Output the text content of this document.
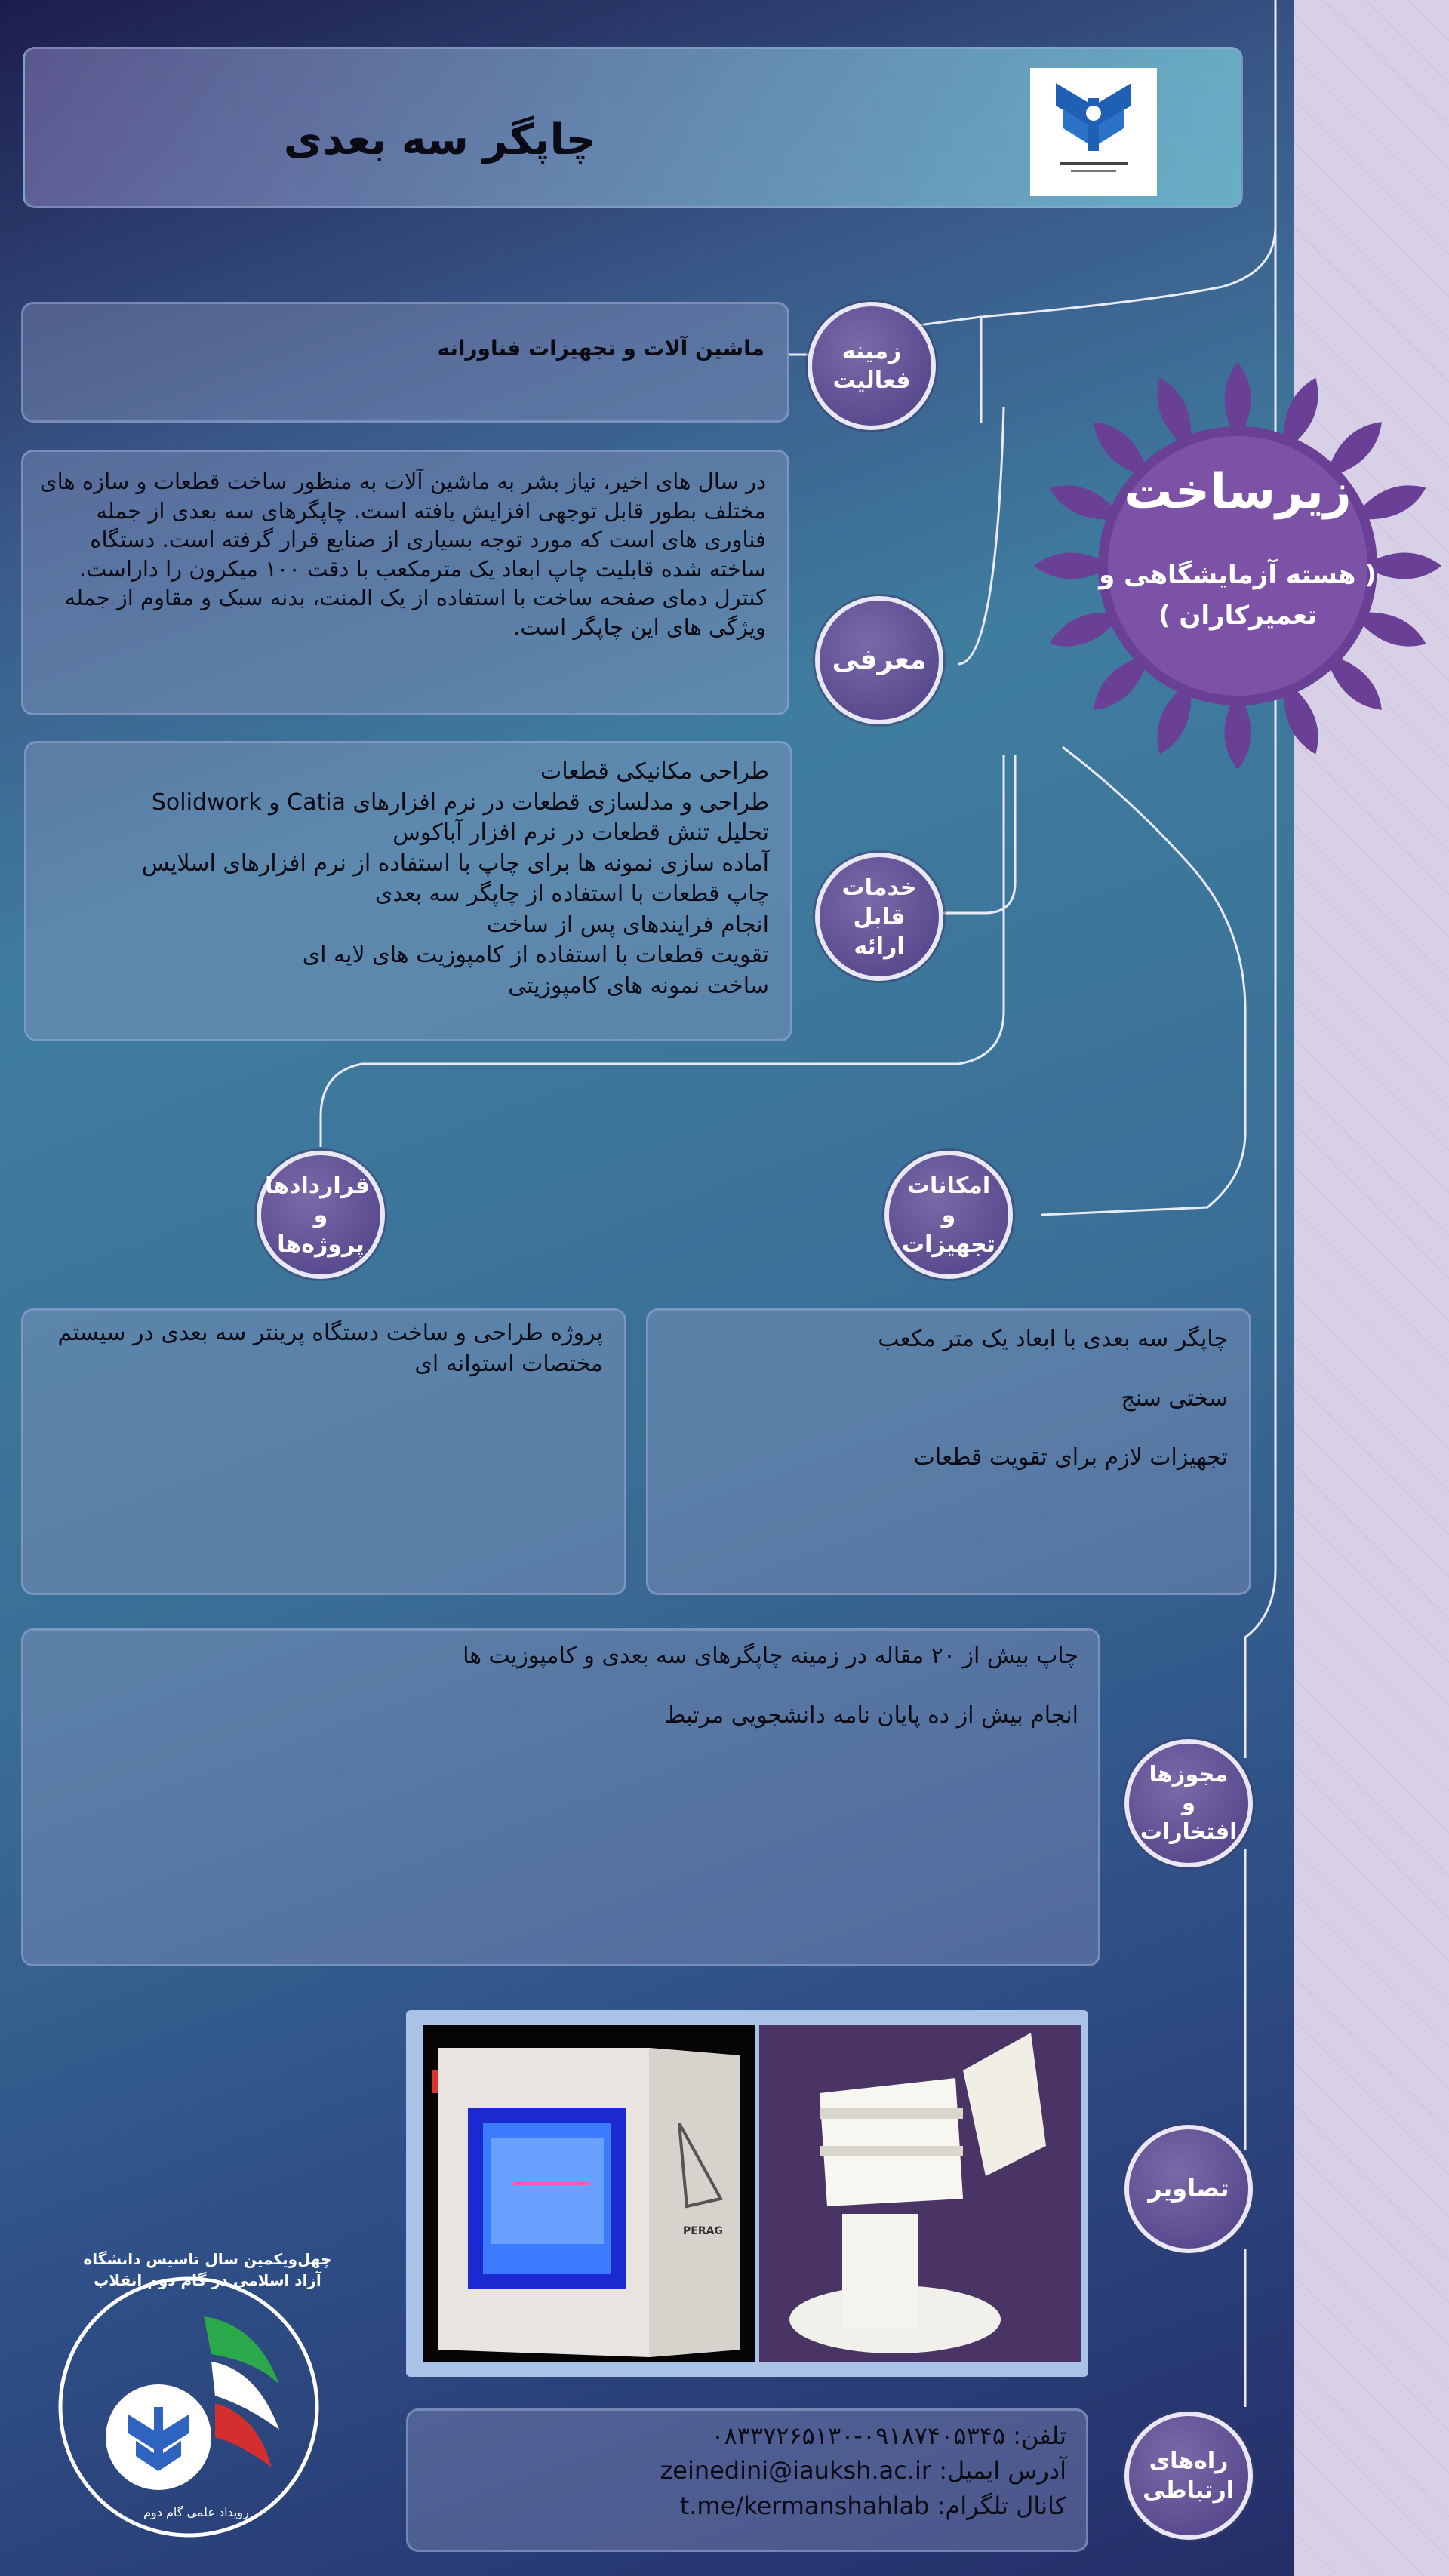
چاپگر سه بعدی
زیرساخت
( هسته آزمایشگاهی و تعمیرکاران )
ماشین آلات و تجهیزات فناورانه	زمینه فعالیت
در سال های اخیر، نیاز بشر به ماشین آلات به منظور ساخت قطعات و سازه های مختلف بطور قابل توجهی افزایش یافته است. چاپگرهای سه بعدی از جمله فناوری های است که مورد توجه بسیاری از صنایع قرار گرفته است. دستگاه ساخته شده قابلیت چاپ ابعاد یک مترمکعب با دقت ۱۰۰ میکرون را داراست. کنترل دمای صفحه ساخت با استفاده از یک المنت، بدنه سبک و مقاوم از جمله ویژگی های این چاپگر است.
معرفی
طراحی مکانیکی قطعات
طراحی و مدلسازی قطعات در نرم افزارهای Catia و Solidwork
تحلیل تنش قطعات در نرم افزار آباکوس
آماده سازی نمونه ها برای چاپ با استفاده از نرم افزارهای اسلایس
چاپ قطعات با استفاده از چاپگر سه بعدی
انجام فرایندهای پس از ساخت
تقویت قطعات با استفاده از کامپوزیت های لایه ای
ساخت نمونه های کامپوزیتی
خدمات قابل ارائه
قراردادها و پروژه‌ها
امکانات و تجهیزات
پروژه طراحی و ساخت دستگاه پرینتر سه بعدی در سیستم مختصات استوانه ای
چاپگر سه بعدی با ابعاد یک متر مکعب
سختی سنج
تجهیزات لازم برای تقویت قطعات
چاپ بیش از ۲۰ مقاله در زمینه چاپگرهای سه بعدی و کامپوزیت ها
انجام بیش از ده پایان نامه دانشجویی مرتبط
مجوزها و افتخارات
PERAG
تصاویر
تلفن: ۰۹۱۸۷۴۰۵۳۴۵-۰۸۳۳۷۲۶۵۱۳۰
آدرس ایمیل: zeinedini@iauksh.ac.ir
کانال تلگرام: t.me/kermanshahlab
راه‌های ارتباطی
چهل‌ویکمین سال تاسیس دانشگاه آزاد اسلامی در گام دوم انقلاب
رویداد علمی گام دوم
